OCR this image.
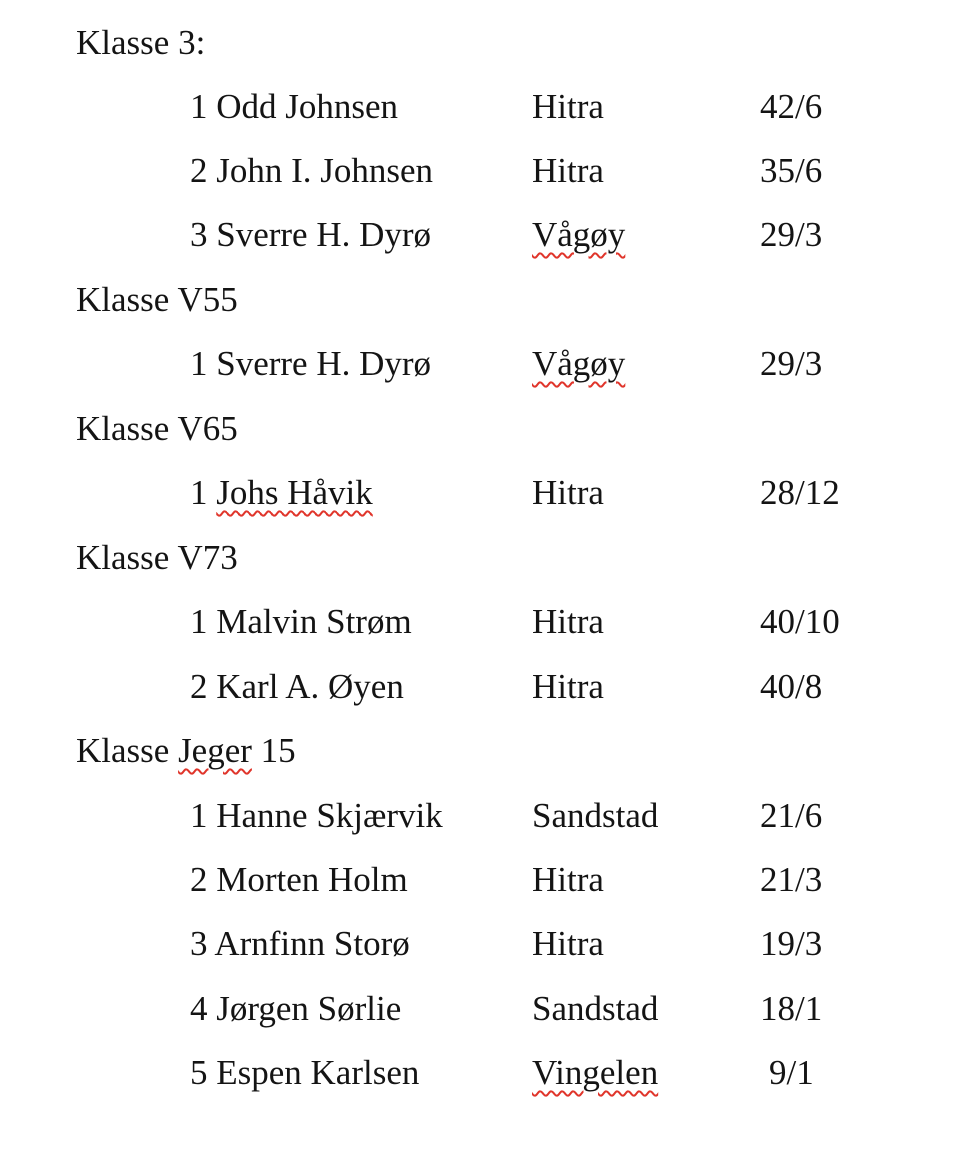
Klasse 3:
1 Odd Johnsen	Hitra	42/6
2 John I. Johnsen	Hitra	35/6
3 Sverre H. Dyrø	Vågøy	29/3
Klasse V55
1 Sverre H. Dyrø	Vågøy	29/3
Klasse V65
1 Johs Håvik	Hitra	28/12
Klasse V73
1 Malvin Strøm	Hitra	40/10
2 Karl A. Øyen	Hitra	40/8
Klasse Jeger 15
1 Hanne Skjærvik	Sandstad	21/6
2 Morten Holm	Hitra	21/3
3 Arnfinn Storø	Hitra	19/3
4 Jørgen Sørlie	Sandstad	18/1
5 Espen Karlsen	Vingelen	9/1
